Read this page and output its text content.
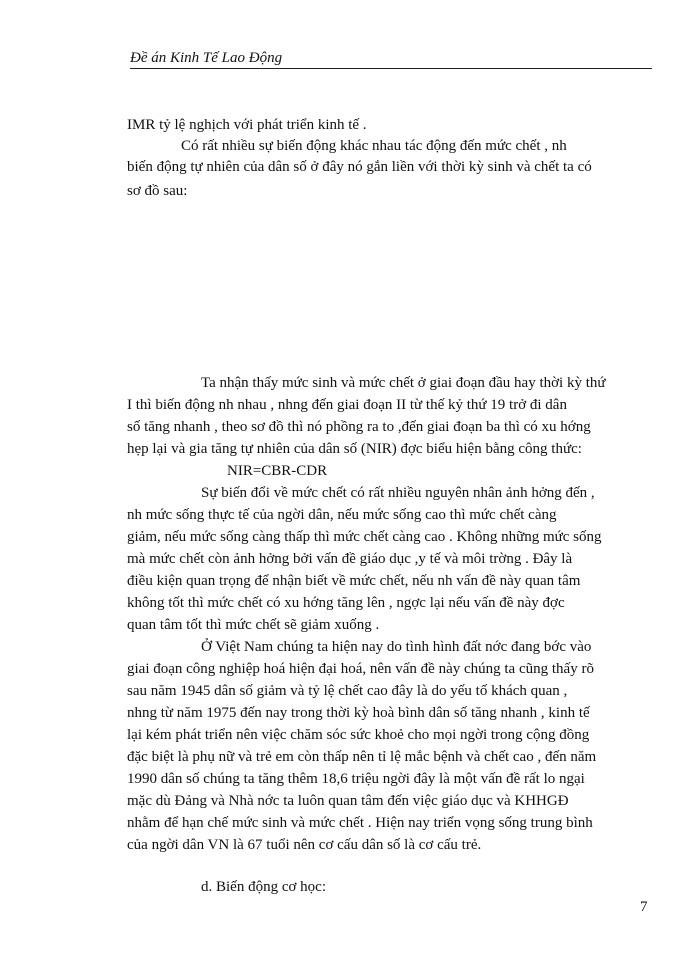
Đề án Kinh Tế Lao Động
IMR tỷ lệ nghịch với phát triển kinh tế .
Có rất nhiều sự biến động khác nhau tác động đến mức chết , nh
biến động tự nhiên của dân số ở đây nó gắn liền với thời kỳ sinh và chết ta có
sơ đồ sau:
Ta nhận thấy mức sinh và mức chết ở giai đoạn đầu hay thời kỳ thứ
I thì biến động nh nhau , nhng đến giai đoạn II từ thế kỷ thứ 19 trở đi dân
số tăng nhanh , theo sơ đồ thì nó phồng ra to ,đến giai đoạn ba thì có xu hớng
hẹp lại và gia tăng tự nhiên của dân số (NIR) đợc biểu hiện bằng công thức:
NIR=CBR-CDR
Sự biến đổi về mức chết có rất nhiều nguyên nhân ảnh hởng đến ,
nh mức sống thực tế của ngời dân, nếu mức sống cao thì mức chết càng
giảm, nếu mức sống càng thấp thì mức chết càng cao . Không những mức sống
mà mức chết còn ảnh hởng bởi vấn đề giáo dục ,y tế và môi trờng . Đây là
điều kiện quan trọng để nhận biết về mức chết, nếu nh vấn đề này quan tâm
không tốt thì mức chết có xu hớng tăng lên , ngợc lại nếu vấn đề này đợc
quan tâm tốt thì mức chết sẽ giảm xuống .
Ở Việt Nam chúng ta hiện nay do tình hình đất nớc đang bớc vào
giai đoạn công nghiệp hoá hiện đại hoá, nên vấn đề này chúng ta cũng thấy rõ
sau năm 1945 dân số giảm và tỷ lệ chết cao đây là do yếu tố khách quan ,
nhng từ năm 1975 đến nay trong thời kỳ hoà bình dân số tăng nhanh , kinh tế
lại kém phát triển nên việc chăm sóc sức khoẻ cho mọi ngời trong cộng đồng
đặc biệt là phụ nữ và trẻ em còn thấp nên tỉ lệ mắc bệnh và chết cao , đến năm
1990 dân số chúng ta tăng thêm 18,6 triệu ngời đây là một vấn đề rất lo ngại
mặc dù Đảng và Nhà nớc ta luôn quan tâm đến việc giáo dục và KHHGĐ
nhằm để hạn chế mức sinh và mức chết . Hiện nay triển vọng sống trung bình
của ngời dân VN là 67 tuổi nên cơ cấu dân số là cơ cấu trẻ.
d. Biến động cơ học:
7
